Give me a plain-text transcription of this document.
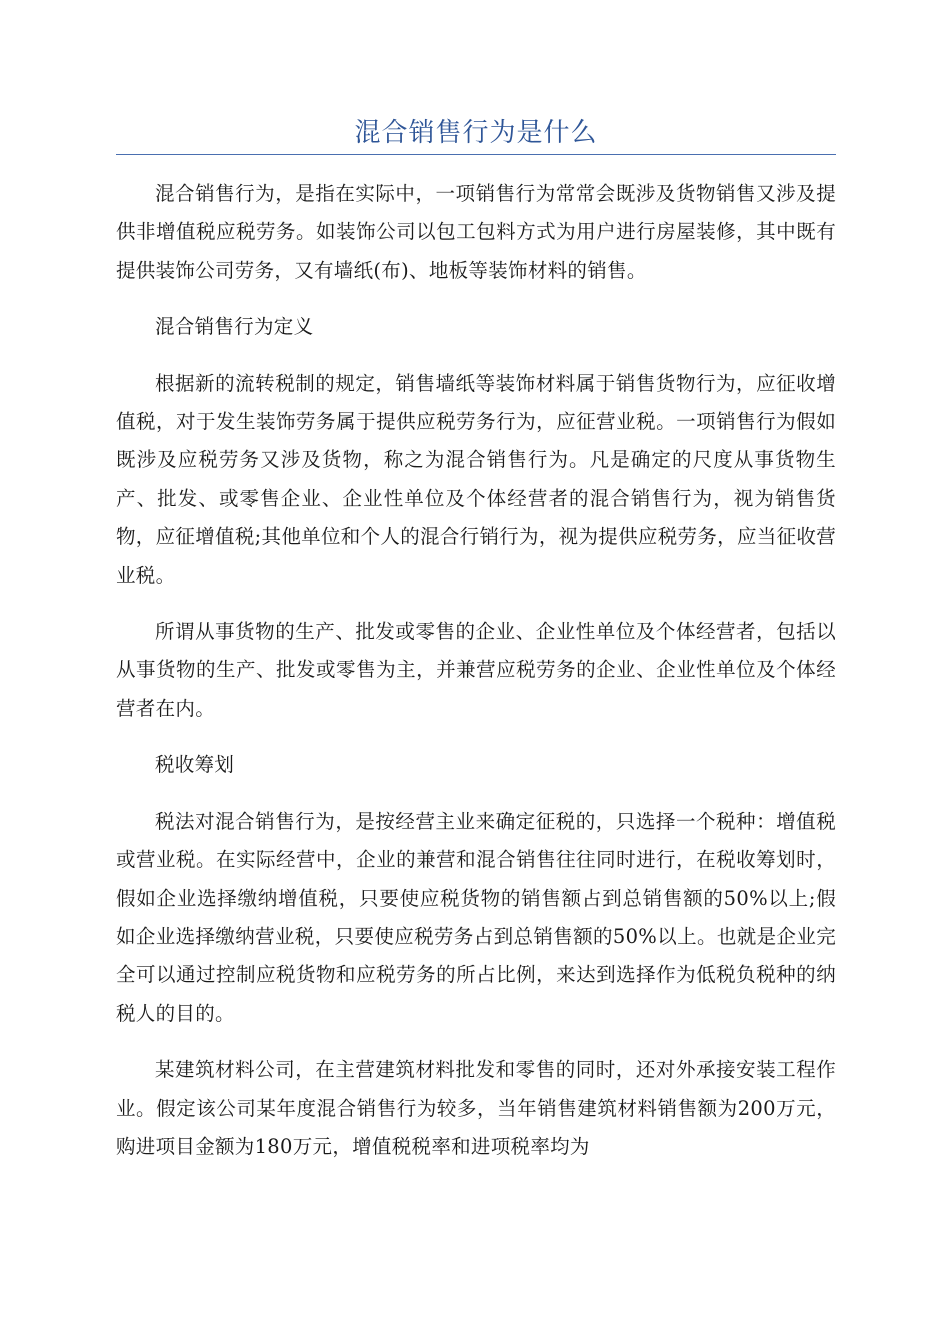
混合销售行为是什么

混合销售行为，是指在实际中，一项销售行为常常会既涉及货物销售又涉及提供非增值税应税劳务。如装饰公司以包工包料方式为用户进行房屋装修，其中既有提供装饰公司劳务，又有墙纸(布)、地板等装饰材料的销售。

混合销售行为定义

根据新的流转税制的规定，销售墙纸等装饰材料属于销售货物行为，应征收增值税，对于发生装饰劳务属于提供应税劳务行为，应征营业税。一项销售行为假如既涉及应税劳务又涉及货物，称之为混合销售行为。凡是确定的尺度从事货物生产、批发、或零售企业、企业性单位及个体经营者的混合销售行为，视为销售货物，应征增值税;其他单位和个人的混合行销行为，视为提供应税劳务，应当征收营业税。

所谓从事货物的生产、批发或零售的企业、企业性单位及个体经营者，包括以从事货物的生产、批发或零售为主，并兼营应税劳务的企业、企业性单位及个体经营者在内。

税收筹划

税法对混合销售行为，是按经营主业来确定征税的，只选择一个税种：增值税或营业税。在实际经营中，企业的兼营和混合销售往往同时进行，在税收筹划时，假如企业选择缴纳增值税，只要使应税货物的销售额占到总销售额的50%以上;假如企业选择缴纳营业税，只要使应税劳务占到总销售额的50%以上。也就是企业完全可以通过控制应税货物和应税劳务的所占比例，来达到选择作为低税负税种的纳税人的目的。

某建筑材料公司，在主营建筑材料批发和零售的同时，还对外承接安装工程作业。假定该公司某年度混合销售行为较多，当年销售建筑材料销售额为200万元，购进项目金额为180万元，增值税税率和进项税率均为
